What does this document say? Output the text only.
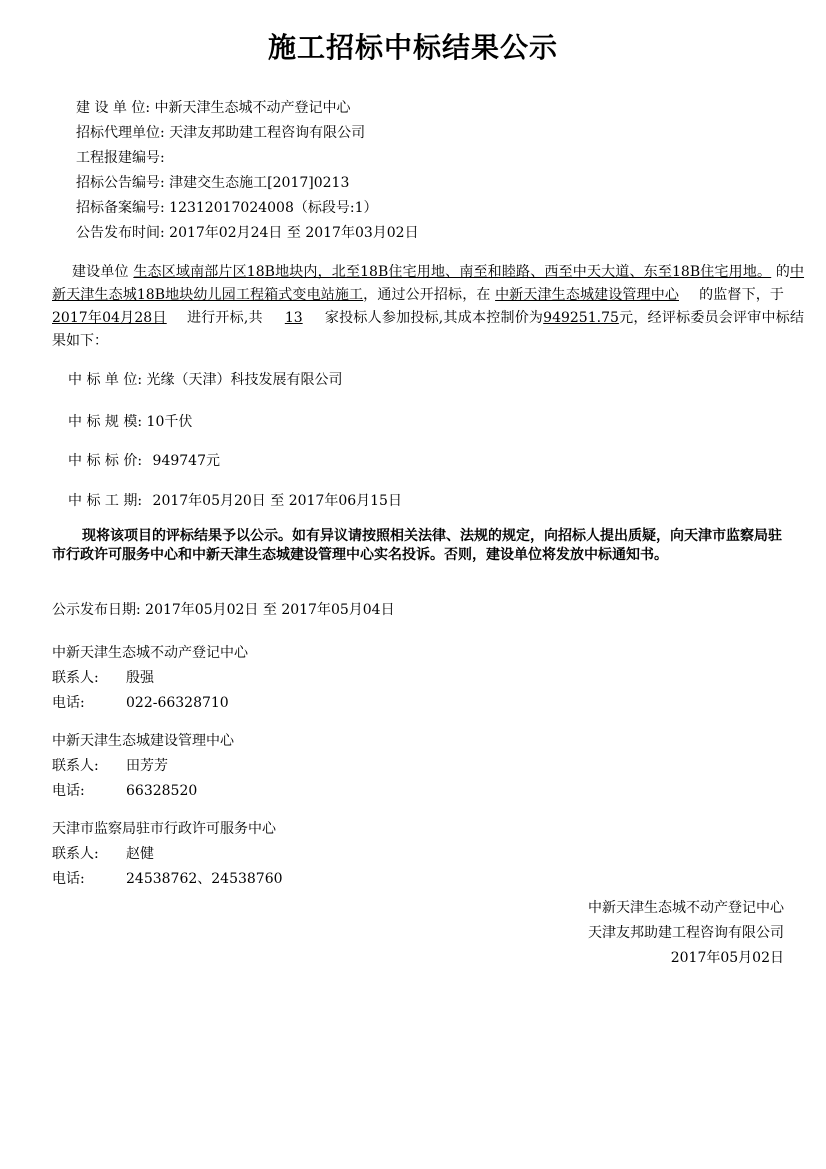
施工招标中标结果公示
建 设 单 位: 中新天津生态城不动产登记中心
招标代理单位: 天津友邦助建工程咨询有限公司
工程报建编号:
招标公告编号: 津建交生态施工[2017]0213
招标备案编号: 12312017024008（标段号:1）
公告发布时间: 2017年02月24日 至 2017年03月02日
建设单位 生态区域南部片区18B地块内，北至18B住宅用地、南至和睦路、西至中天大道、东至18B住宅用地。 的中新天津生态城18B地块幼儿园工程箱式变电站施工，通过公开招标，在 中新天津生态城建设管理中心 的监督下，于2017年04月28日 进行开标,共 13 家投标人参加投标,其成本控制价为949251.75元，经评标委员会评审中标结果如下：
中 标 单 位: 光缘（天津）科技发展有限公司
中 标 规 模: 10千伏
中 标 标 价: 949747元
中 标 工 期: 2017年05月20日 至 2017年06月15日
现将该项目的评标结果予以公示。如有异议请按照相关法律、法规的规定，向招标人提出质疑，向天津市监察局驻市行政许可服务中心和中新天津生态城建设管理中心实名投诉。否则，建设单位将发放中标通知书。
公示发布日期: 2017年05月02日 至 2017年05月04日
中新天津生态城不动产登记中心
联系人: 殷强
电话:	022-66328710
中新天津生态城建设管理中心
联系人: 田芳芳
电话:	66328520
天津市监察局驻市行政许可服务中心
联系人: 赵健
电话:	24538762、24538760
中新天津生态城不动产登记中心
天津友邦助建工程咨询有限公司
2017年05月02日
